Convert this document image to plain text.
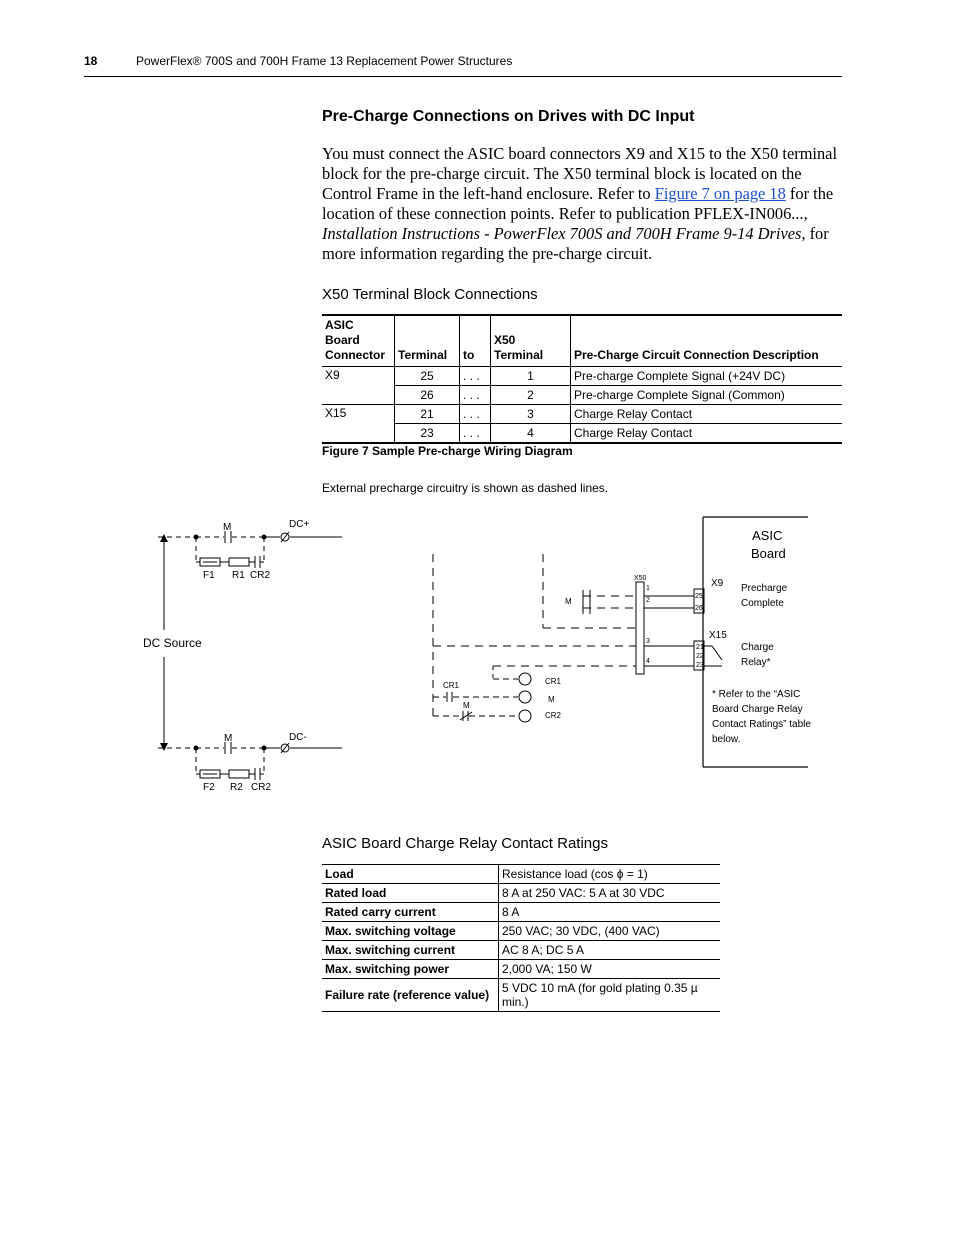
18	PowerFlex® 700S and 700H Frame 13 Replacement Power Structures
Pre-Charge Connections on Drives with DC Input
You must connect the ASIC board connectors X9 and X15 to the X50 terminal block for the pre-charge circuit. The X50 terminal block is located on the Control Frame in the left-hand enclosure. Refer to Figure 7 on page 18 for the location of these connection points. Refer to publication PFLEX-IN006..., Installation Instructions - PowerFlex 700S and 700H Frame 9-14 Drives, for more information regarding the pre-charge circuit.
X50 Terminal Block Connections
ASIC Board Connector	Terminal	to	X50 Terminal	Pre-Charge Circuit Connection Description
X9	25	. . .	1	Pre-charge Complete Signal (+24V DC)
	26	. . .	2	Pre-charge Complete Signal (Common)
X15	21	. . .	3	Charge Relay Contact
	23	. . .	4	Charge Relay Contact
Figure 7 Sample Pre-charge Wiring Diagram
External precharge circuitry is shown as dashed lines.
DC Source
M	DC+
F1 R1 CR2
M	DC-
F2 R2 CR2
CR1
M
CR1
M
CR2
M
X50
1
2
3
4
ASIC
Board
X9
X15
25
26
21
22
23
Precharge
Complete
Charge
Relay*
* Refer to the “ASIC
Board Charge Relay
Contact Ratings” table
below.
ASIC Board Charge Relay Contact Ratings
Load	Resistance load (cos ϕ = 1)
Rated load	8 A at 250 VAC: 5 A at 30 VDC
Rated carry current	8 A
Max. switching voltage	250 VAC; 30 VDC, (400 VAC)
Max. switching current	AC 8 A; DC 5 A
Max. switching power	2,000 VA; 150 W
Failure rate (reference value)	5 VDC 10 mA (for gold plating 0.35 µ min.)
